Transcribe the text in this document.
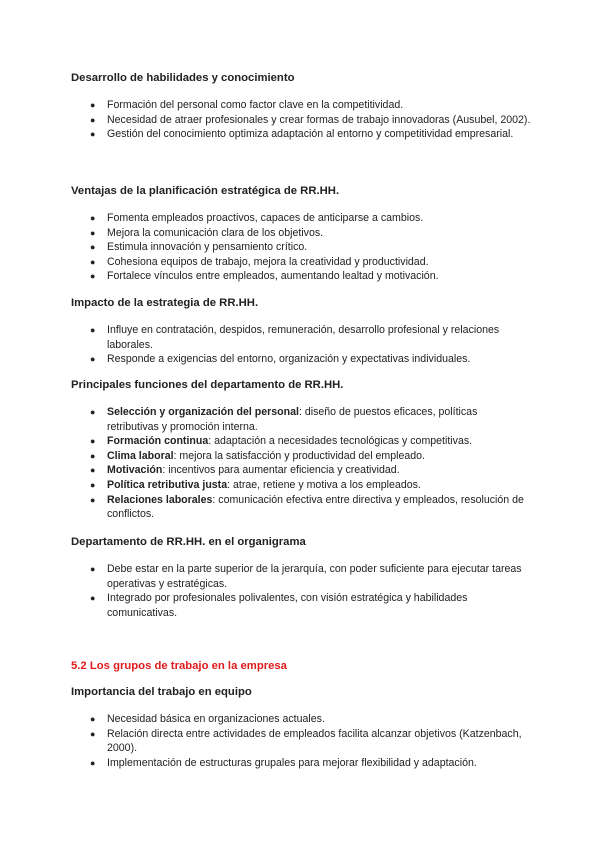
Desarrollo de habilidades y conocimiento

● Formación del personal como factor clave en la competitividad.
● Necesidad de atraer profesionales y crear formas de trabajo innovadoras (Ausubel, 2002).
● Gestión del conocimiento optimiza adaptación al entorno y competitividad empresarial.

Ventajas de la planificación estratégica de RR.HH.

● Fomenta empleados proactivos, capaces de anticiparse a cambios.
● Mejora la comunicación clara de los objetivos.
● Estimula innovación y pensamiento crítico.
● Cohesiona equipos de trabajo, mejora la creatividad y productividad.
● Fortalece vínculos entre empleados, aumentando lealtad y motivación.

Impacto de la estrategia de RR.HH.

● Influye en contratación, despidos, remuneración, desarrollo profesional y relaciones laborales.
● Responde a exigencias del entorno, organización y expectativas individuales.

Principales funciones del departamento de RR.HH.

● Selección y organización del personal: diseño de puestos eficaces, políticas retributivas y promoción interna.
● Formación continua: adaptación a necesidades tecnológicas y competitivas.
● Clima laboral: mejora la satisfacción y productividad del empleado.
● Motivación: incentivos para aumentar eficiencia y creatividad.
● Política retributiva justa: atrae, retiene y motiva a los empleados.
● Relaciones laborales: comunicación efectiva entre directiva y empleados, resolución de conflictos.

Departamento de RR.HH. en el organigrama

● Debe estar en la parte superior de la jerarquía, con poder suficiente para ejecutar tareas operativas y estratégicas.
● Integrado por profesionales polivalentes, con visión estratégica y habilidades comunicativas.

5.2 Los grupos de trabajo en la empresa

Importancia del trabajo en equipo

● Necesidad básica en organizaciones actuales.
● Relación directa entre actividades de empleados facilita alcanzar objetivos (Katzenbach, 2000).
● Implementación de estructuras grupales para mejorar flexibilidad y adaptación.
